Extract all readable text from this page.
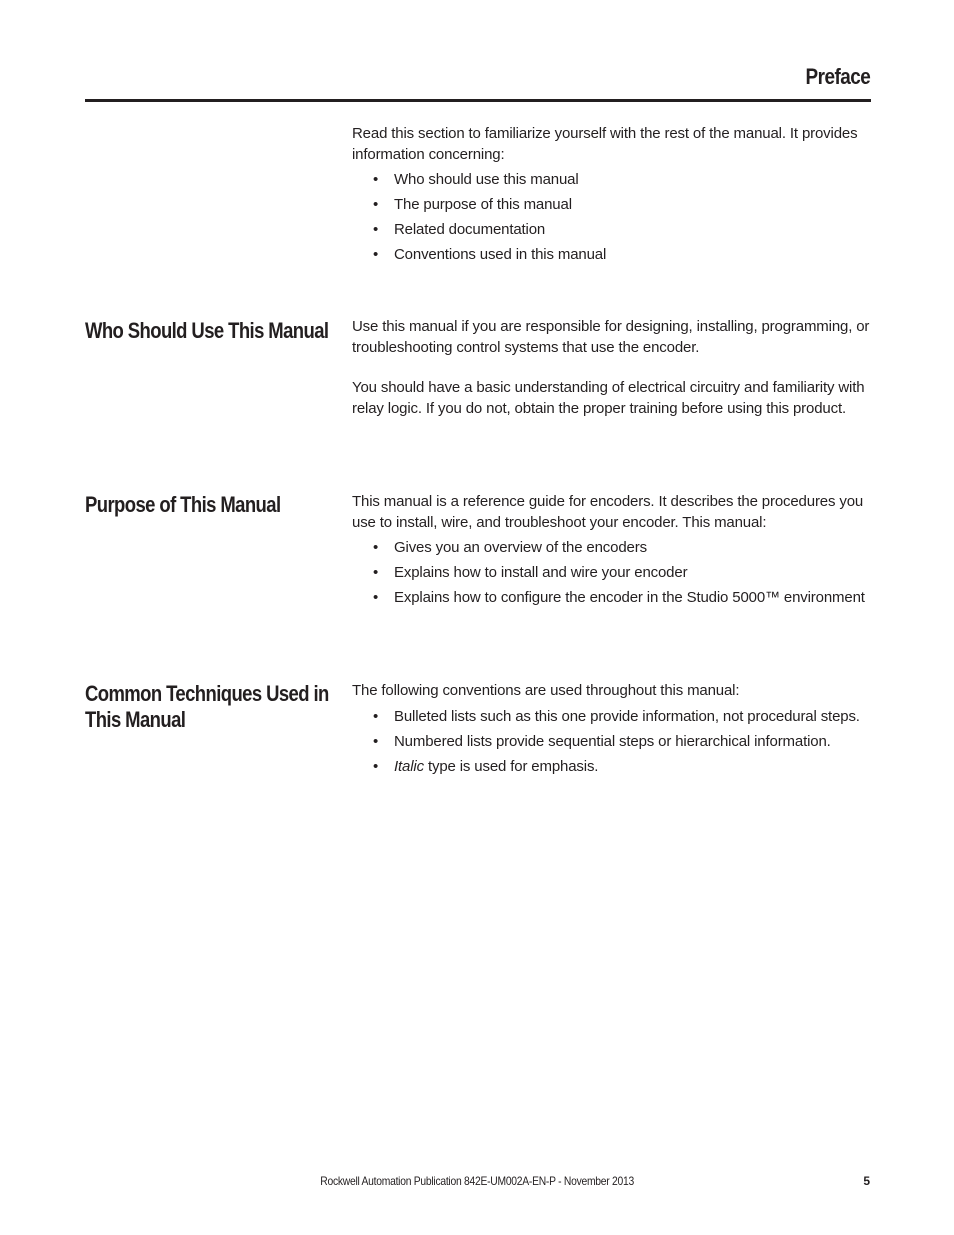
Preface

Read this section to familiarize yourself with the rest of the manual. It provides information concerning:

• Who should use this manual
• The purpose of this manual
• Related documentation
• Conventions used in this manual
Who Should Use This Manual Use this manual if you are responsible for designing, installing, programming, or troubleshooting control systems that use the encoder.

You should have a basic understanding of electrical circuitry and familiarity with relay logic. If you do not, obtain the proper training before using this product.

Purpose of This Manual	This manual is a reference guide for encoders. It describes the procedures you use to install, wire, and troubleshoot your encoder. This manual:

• Gives you an overview of the encoders
• Explains how to install and wire your encoder
• Explains how to configure the encoder in the Studio 5000™ environment
Common Techniques Used in
This Manual

The following conventions are used throughout this manual:

• Bulleted lists such as this one provide information, not procedural steps.
• Numbered lists provide sequential steps or hierarchical information.
• Italic type is used for emphasis.
Rockwell Automation Publication 842E-UM002A-EN-P - November 2013	5
